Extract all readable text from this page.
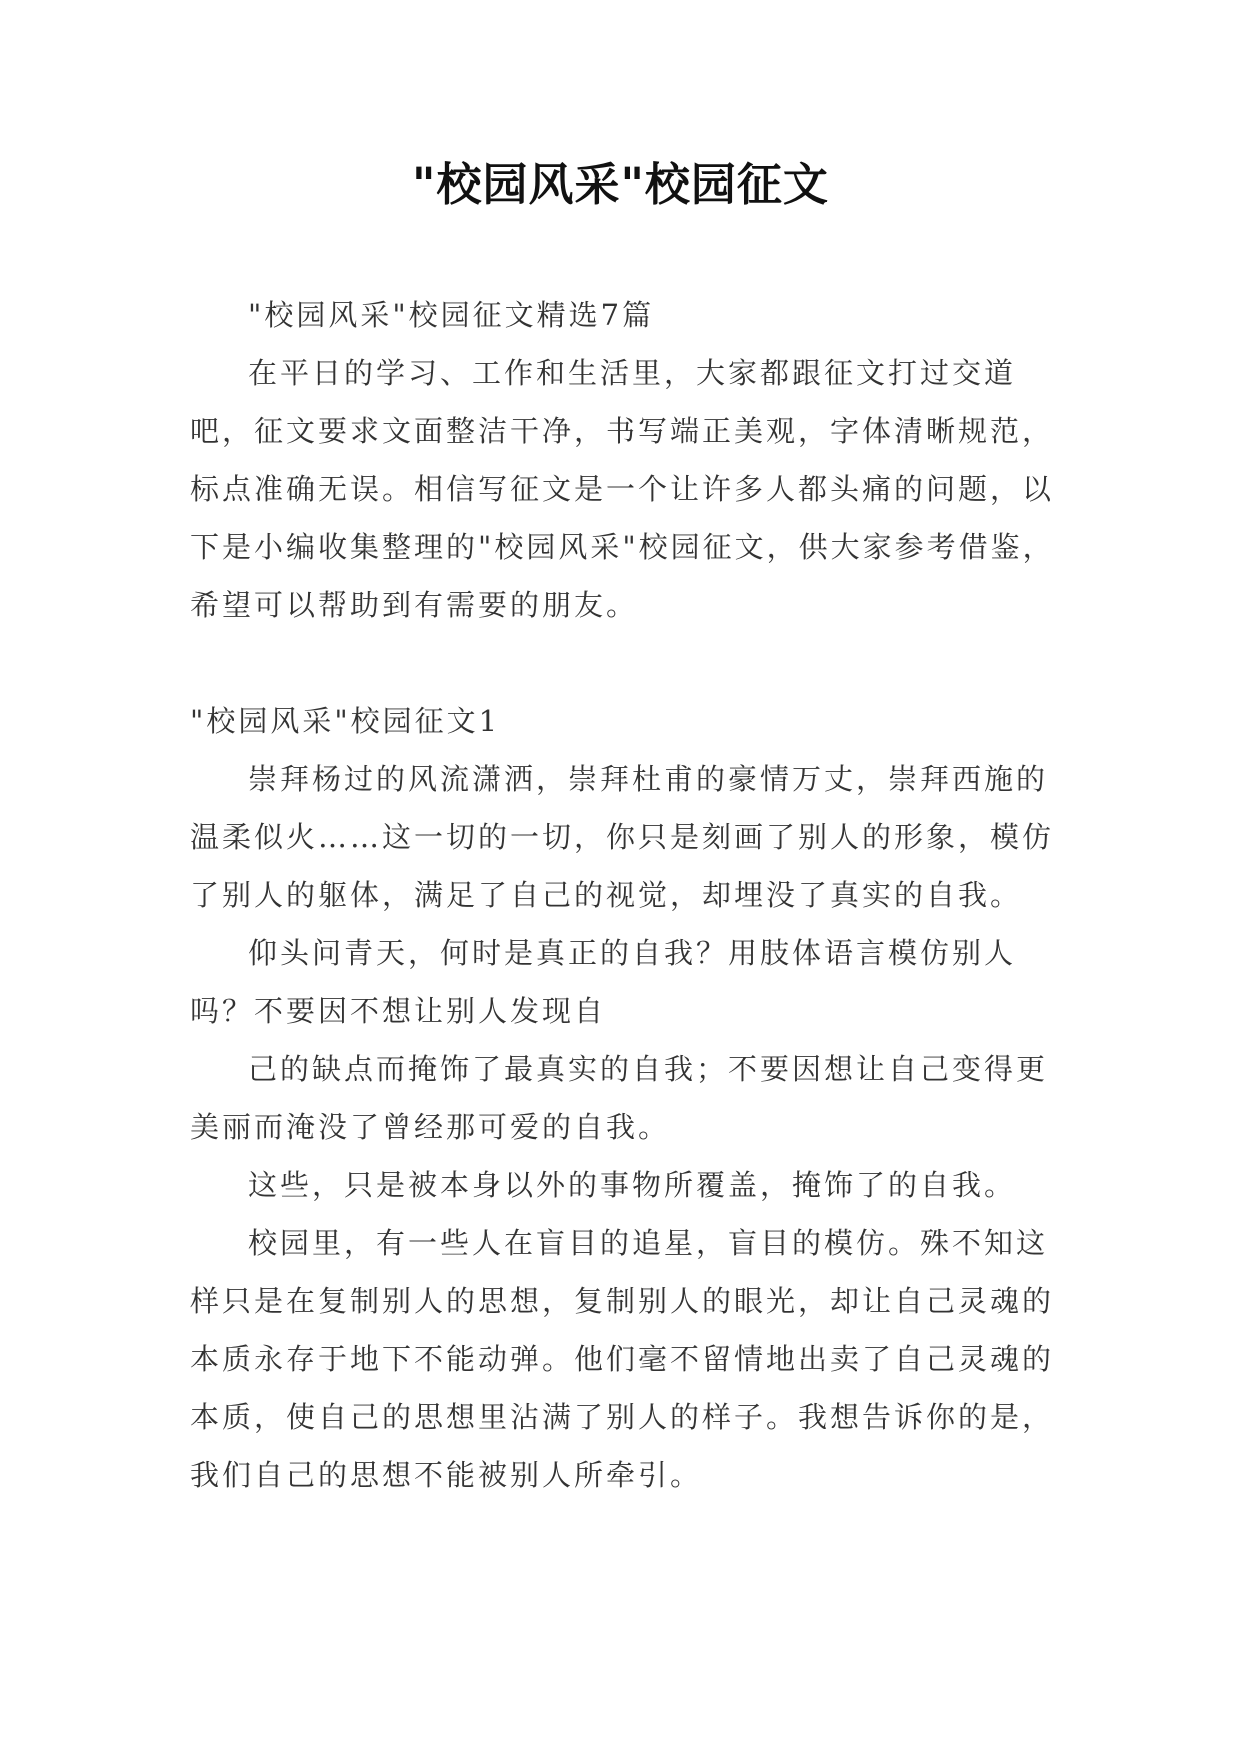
"校园风采"校园征文

"校园风采"校园征文精选7篇

在平日的学习、工作和生活里，大家都跟征文打过交道吧，征文要求文面整洁干净，书写端正美观，字体清晰规范，标点准确无误。相信写征文是一个让许多人都头痛的问题，以下是小编收集整理的"校园风采"校园征文，供大家参考借鉴，希望可以帮助到有需要的朋友。

"校园风采"校园征文1

崇拜杨过的风流潇洒，崇拜杜甫的豪情万丈，崇拜西施的温柔似火……这一切的一切，你只是刻画了别人的形象，模仿了别人的躯体，满足了自己的视觉，却埋没了真实的自我。

仰头问青天，何时是真正的自我？用肢体语言模仿别人吗？不要因不想让别人发现自

己的缺点而掩饰了最真实的自我；不要因想让自己变得更美丽而淹没了曾经那可爱的自我。

这些，只是被本身以外的事物所覆盖，掩饰了的自我。

校园里，有一些人在盲目的追星，盲目的模仿。殊不知这样只是在复制别人的思想，复制别人的眼光，却让自己灵魂的本质永存于地下不能动弹。他们毫不留情地出卖了自己灵魂的本质，使自己的思想里沾满了别人的样子。我想告诉你的是，我们自己的思想不能被别人所牵引。
